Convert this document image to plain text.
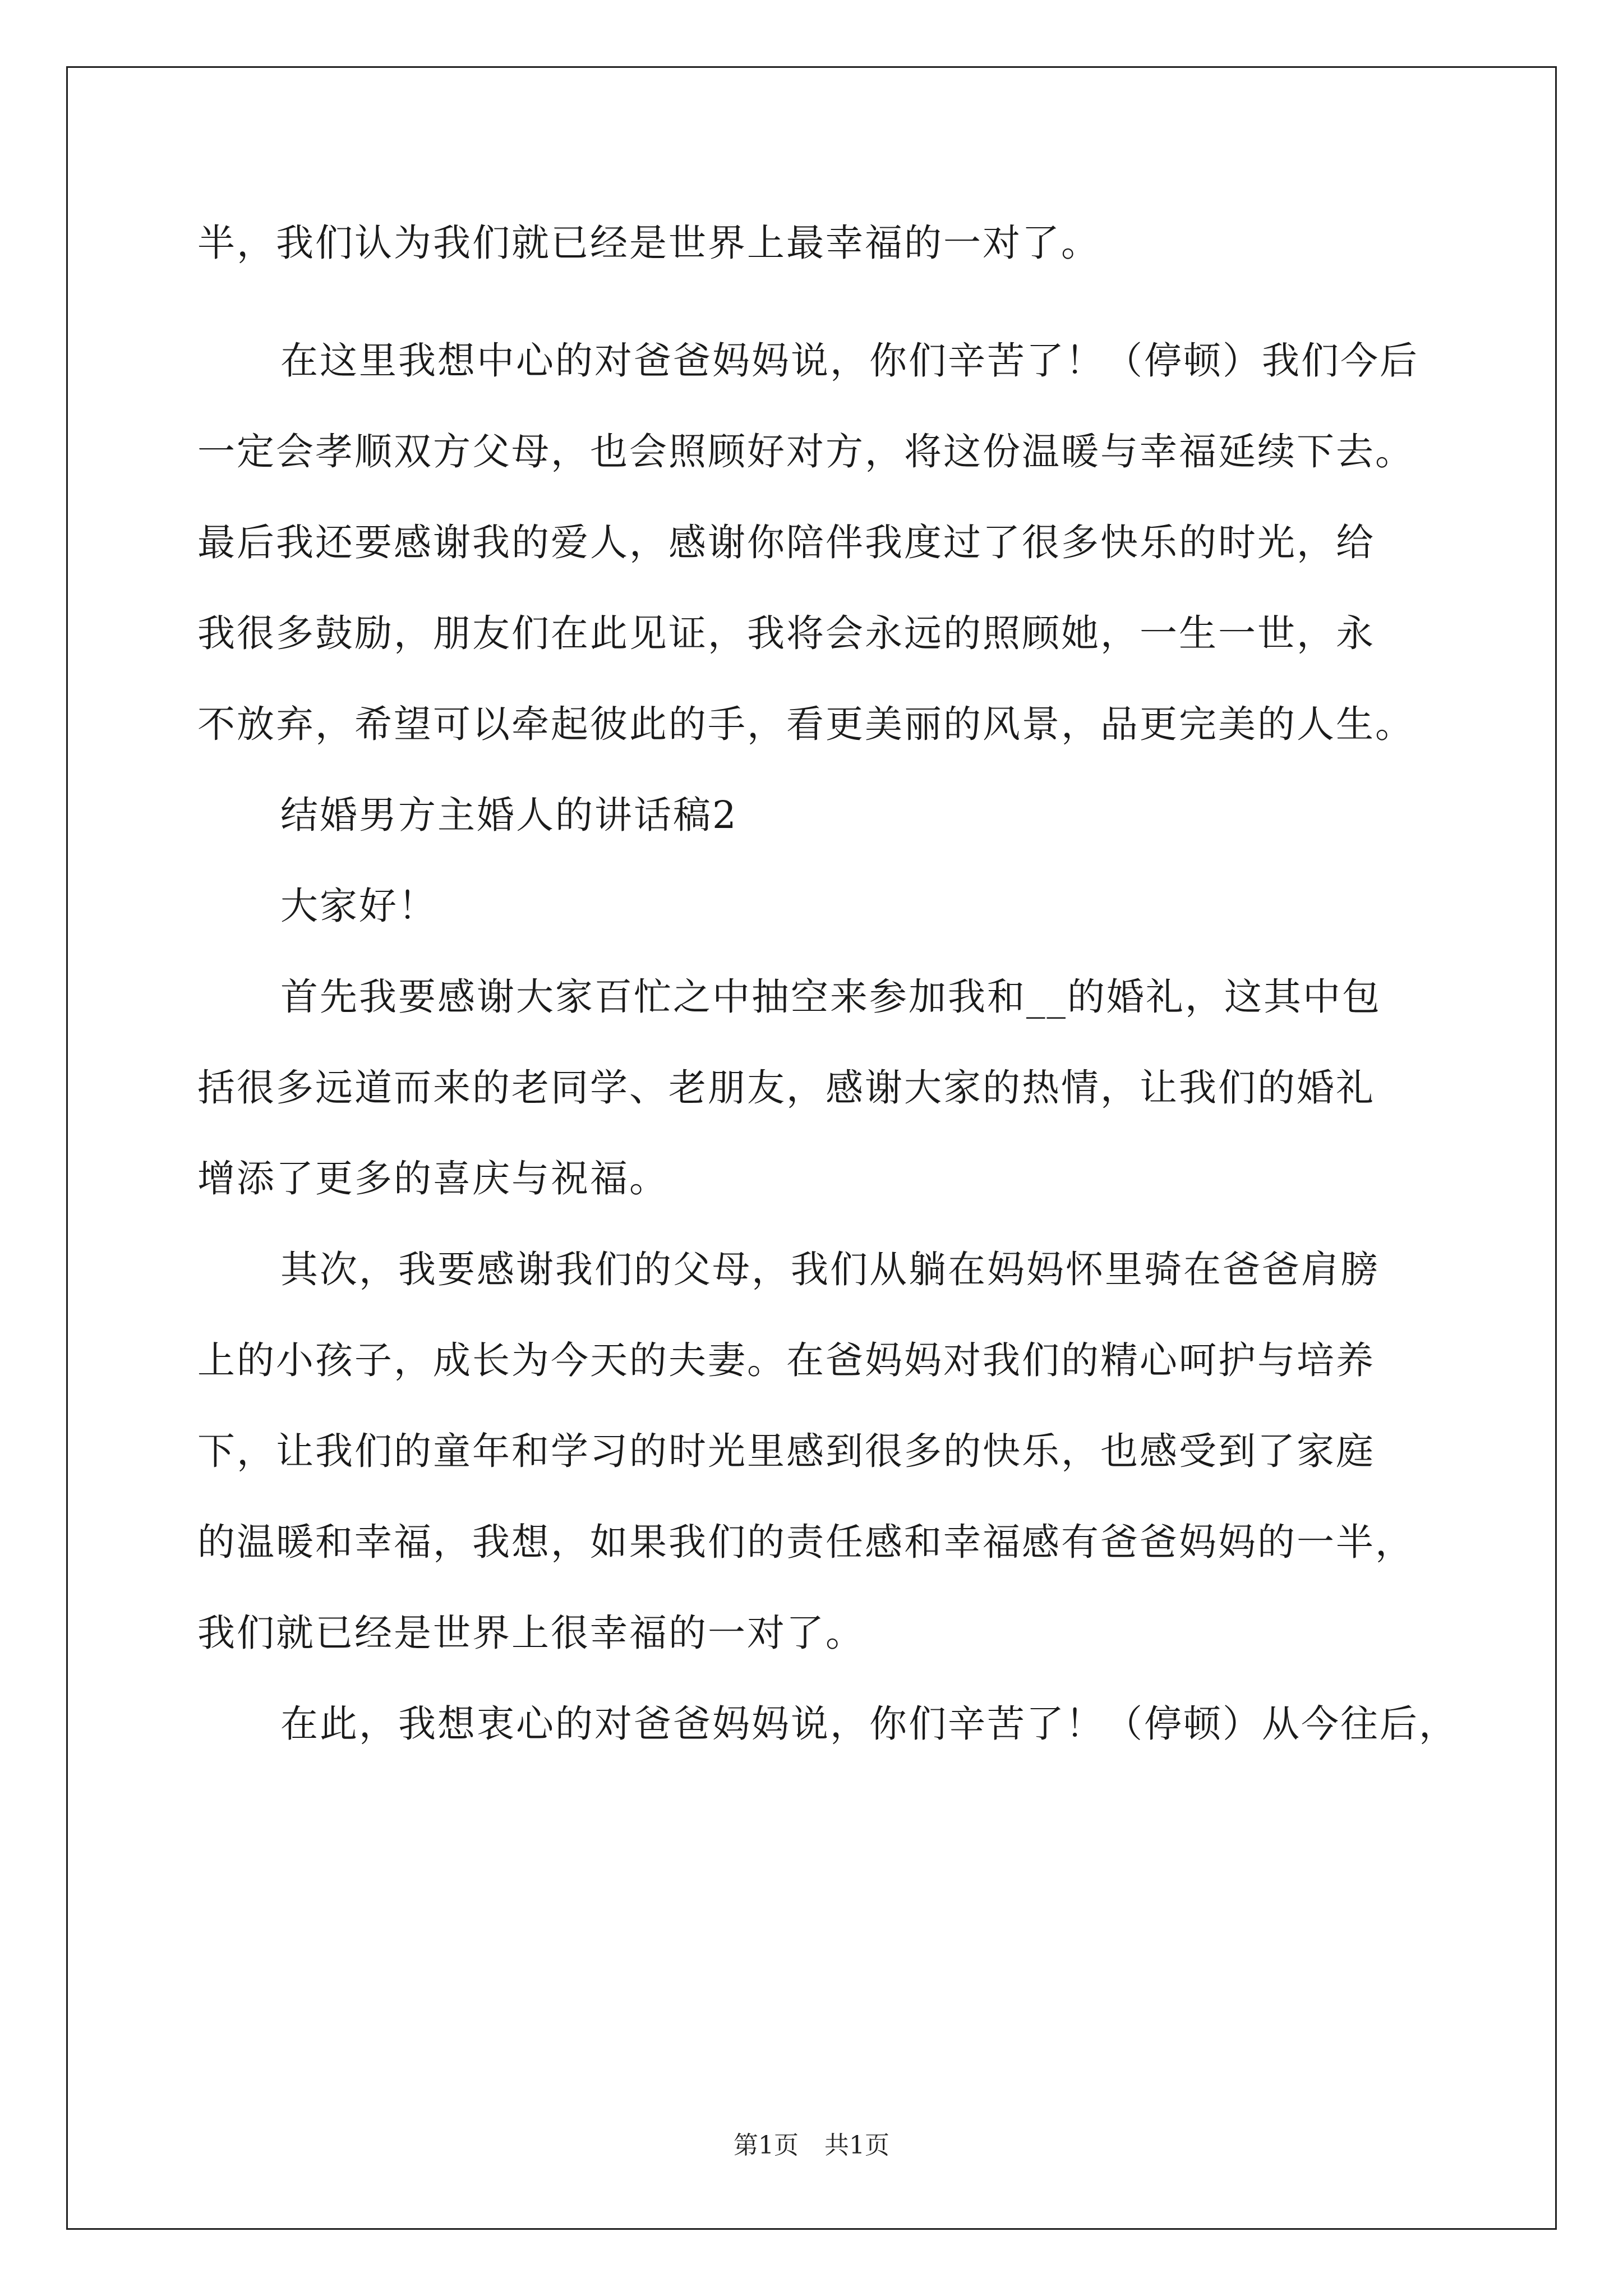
半，我们认为我们就已经是世界上最幸福的一对了。
在这里我想中心的对爸爸妈妈说，你们辛苦了！（停顿）我们今后
一定会孝顺双方父母，也会照顾好对方，将这份温暖与幸福延续下去。
最后我还要感谢我的爱人，感谢你陪伴我度过了很多快乐的时光，给
我很多鼓励，朋友们在此见证，我将会永远的照顾她，一生一世，永
不放弃，希望可以牵起彼此的手，看更美丽的风景，品更完美的人生。
结婚男方主婚人的讲话稿2
大家好！
首先我要感谢大家百忙之中抽空来参加我和__的婚礼，这其中包
括很多远道而来的老同学、老朋友，感谢大家的热情，让我们的婚礼
增添了更多的喜庆与祝福。
其次，我要感谢我们的父母，我们从躺在妈妈怀里骑在爸爸肩膀
上的小孩子，成长为今天的夫妻。在爸妈妈对我们的精心呵护与培养
下，让我们的童年和学习的时光里感到很多的快乐，也感受到了家庭
的温暖和幸福，我想，如果我们的责任感和幸福感有爸爸妈妈的一半，
我们就已经是世界上很幸福的一对了。
在此，我想衷心的对爸爸妈妈说，你们辛苦了！（停顿）从今往后，
第1页 共1页
